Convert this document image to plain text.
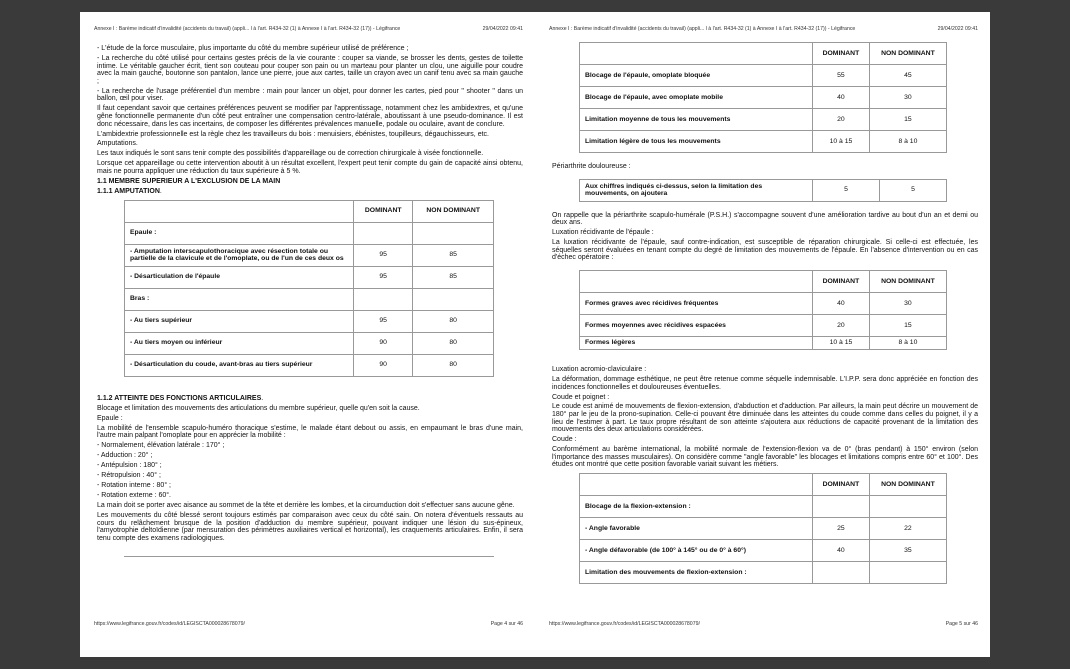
Annexe I : Barème indicatif d'invalidité (accidents du travail) (appli... l à l'art. R434-32 (1) à Annexe I à l'art. R434-32 (17)) - Légifrance	29/04/2022 09:41

- L'étude de la force musculaire, plus importante du côté du membre supérieur utilisé de préférence ;

- La recherche du côté utilisé pour certains gestes précis de la vie courante : couper sa viande, se brosser les dents, gestes de toilette intime. Le véritable gaucher écrit, tient son couteau pour couper son pain ou un marteau pour planter un clou, une aiguille pour coudre avec la main gauche, boutonne son pantalon, lance une pierre, joue aux cartes, taille un crayon avec un canif tenu avec sa main gauche ;

- La recherche de l'usage préférentiel d'un membre : main pour lancer un objet, pour donner les cartes, pied pour " shooter " dans un ballon, œil pour viser.

Il faut cependant savoir que certaines préférences peuvent se modifier par l'apprentissage, notamment chez les ambidextres, et qu'une gêne fonctionnelle permanente d'un côté peut entraîner une compensation centro-latérale, aboutissant à une pseudo-dominance. Il est donc nécessaire, dans les cas incertains, de composer les différentes prévalences manuelle, podale ou oculaire, avant de conclure.

L'ambidextrie professionnelle est la règle chez les travailleurs du bois : menuisiers, ébénistes, toupilleurs, dégauchisseurs, etc.

Amputations.

Les taux indiqués le sont sans tenir compte des possibilités d'appareillage ou de correction chirurgicale à visée fonctionnelle.

Lorsque cet appareillage ou cette intervention aboutit à un résultat excellent, l'expert peut tenir compte du gain de capacité ainsi obtenu, mais ne pourra appliquer une réduction du taux supérieure à 5 %.

1.1 MEMBRE SUPERIEUR A L'EXCLUSION DE LA MAIN

1.1.1 AMPUTATION.

	DOMINANT	NON DOMINANT
Epaule :		
- Amputation interscapulothoracique avec résection totale ou partielle de la clavicule et de l'omoplate, ou de l'un de ces deux os	95	85
- Désarticulation de l'épaule	95	85
Bras :		
- Au tiers supérieur	95	80
- Au tiers moyen ou inférieur	90	80
- Désarticulation du coude, avant-bras au tiers supérieur	90	80

1.1.2 ATTEINTE DES FONCTIONS ARTICULAIRES.

Blocage et limitation des mouvements des articulations du membre supérieur, quelle qu'en soit la cause.

Epaule :

La mobilité de l'ensemble scapulo-huméro thoracique s'estime, le malade étant debout ou assis, en empaumant le bras d'une main, l'autre main palpant l'omoplate pour en apprécier la mobilité :

- Normalement, élévation latérale : 170° ;

- Adduction : 20° ;

- Antépulsion : 180° ;

- Rétropulsion : 40° ;

- Rotation interne : 80° ;

- Rotation externe : 60°.

La main doit se porter avec aisance au sommet de la tête et derrière les lombes, et la circumduction doit s'effectuer sans aucune gêne.

Les mouvements du côté blessé seront toujours estimés par comparaison avec ceux du côté sain. On notera d'éventuels ressauts au cours du relâchement brusque de la position d'adduction du membre supérieur, pouvant indiquer une lésion du sus-épineux, l'amyotrophie deltoïdienne (par mensuration des périmètres auxiliaires vertical et horizontal), les craquements articulaires. Enfin, il sera tenu compte des examens radiologiques.

https://www.legifrance.gouv.fr/codes/id/LEGISCTA000028678079/	Page 4 sur 46
Annexe I : Barème indicatif d'invalidité (accidents du travail) (appli... l à l'art. R434-32 (1) à Annexe I à l'art. R434-32 (17)) - Légifrance	29/04/2022 09:41
	DOMINANT	NON DOMINANT
Blocage de l'épaule, omoplate bloquée	55	45
Blocage de l'épaule, avec omoplate mobile	40	30
Limitation moyenne de tous les mouvements	20	15
Limitation légère de tous les mouvements	10 à 15	8 à 10

Périarthrite douloureuse :

Aux chiffres indiqués ci-dessus, selon la limitation des mouvements, on ajoutera	5	5

On rappelle que la périarthrite scapulo-humérale (P.S.H.) s'accompagne souvent d'une amélioration tardive au bout d'un an et demi ou deux ans.

Luxation récidivante de l'épaule :

La luxation récidivante de l'épaule, sauf contre-indication, est susceptible de réparation chirurgicale. Si celle-ci est effectuée, les séquelles seront évaluées en tenant compte du degré de limitation des mouvements de l'épaule. En l'absence d'intervention ou en cas d'échec opératoire :

	DOMINANT	NON DOMINANT
Formes graves avec récidives fréquentes	40	30
Formes moyennes avec récidives espacées	20	15
Formes légères	10 à 15	8 à 10

Luxation acromio-claviculaire :

La déformation, dommage esthétique, ne peut être retenue comme séquelle indemnisable. L'I.P.P. sera donc appréciée en fonction des incidences fonctionnelles et douloureuses éventuelles.

Coude et poignet :

Le coude est animé de mouvements de flexion-extension, d'abduction et d'adduction. Par ailleurs, la main peut décrire un mouvement de 180° par le jeu de la prono-supination. Celle-ci pouvant être diminuée dans les atteintes du coude comme dans celles du poignet, il y a lieu de l'estimer à part. Le taux propre résultant de son atteinte s'ajoutera aux réductions de capacité provenant de la limitation des mouvements des deux articulations considérées.

Coude :

Conformément au barème international, la mobilité normale de l'extension-flexion va de 0° (bras pendant) à 150° environ (selon l'importance des masses musculaires). On considère comme "angle favorable" les blocages et limitations compris entre 60° et 100°. Des études ont montré que cette position favorable variait suivant les métiers.

	DOMINANT	NON DOMINANT
Blocage de la flexion-extension :		
- Angle favorable	25	22
- Angle défavorable (de 100° à 145° ou de 0° à 60°)	40	35
Limitation des mouvements de flexion-extension :		
https://www.legifrance.gouv.fr/codes/id/LEGISCTA000028678079/	Page 5 sur 46
